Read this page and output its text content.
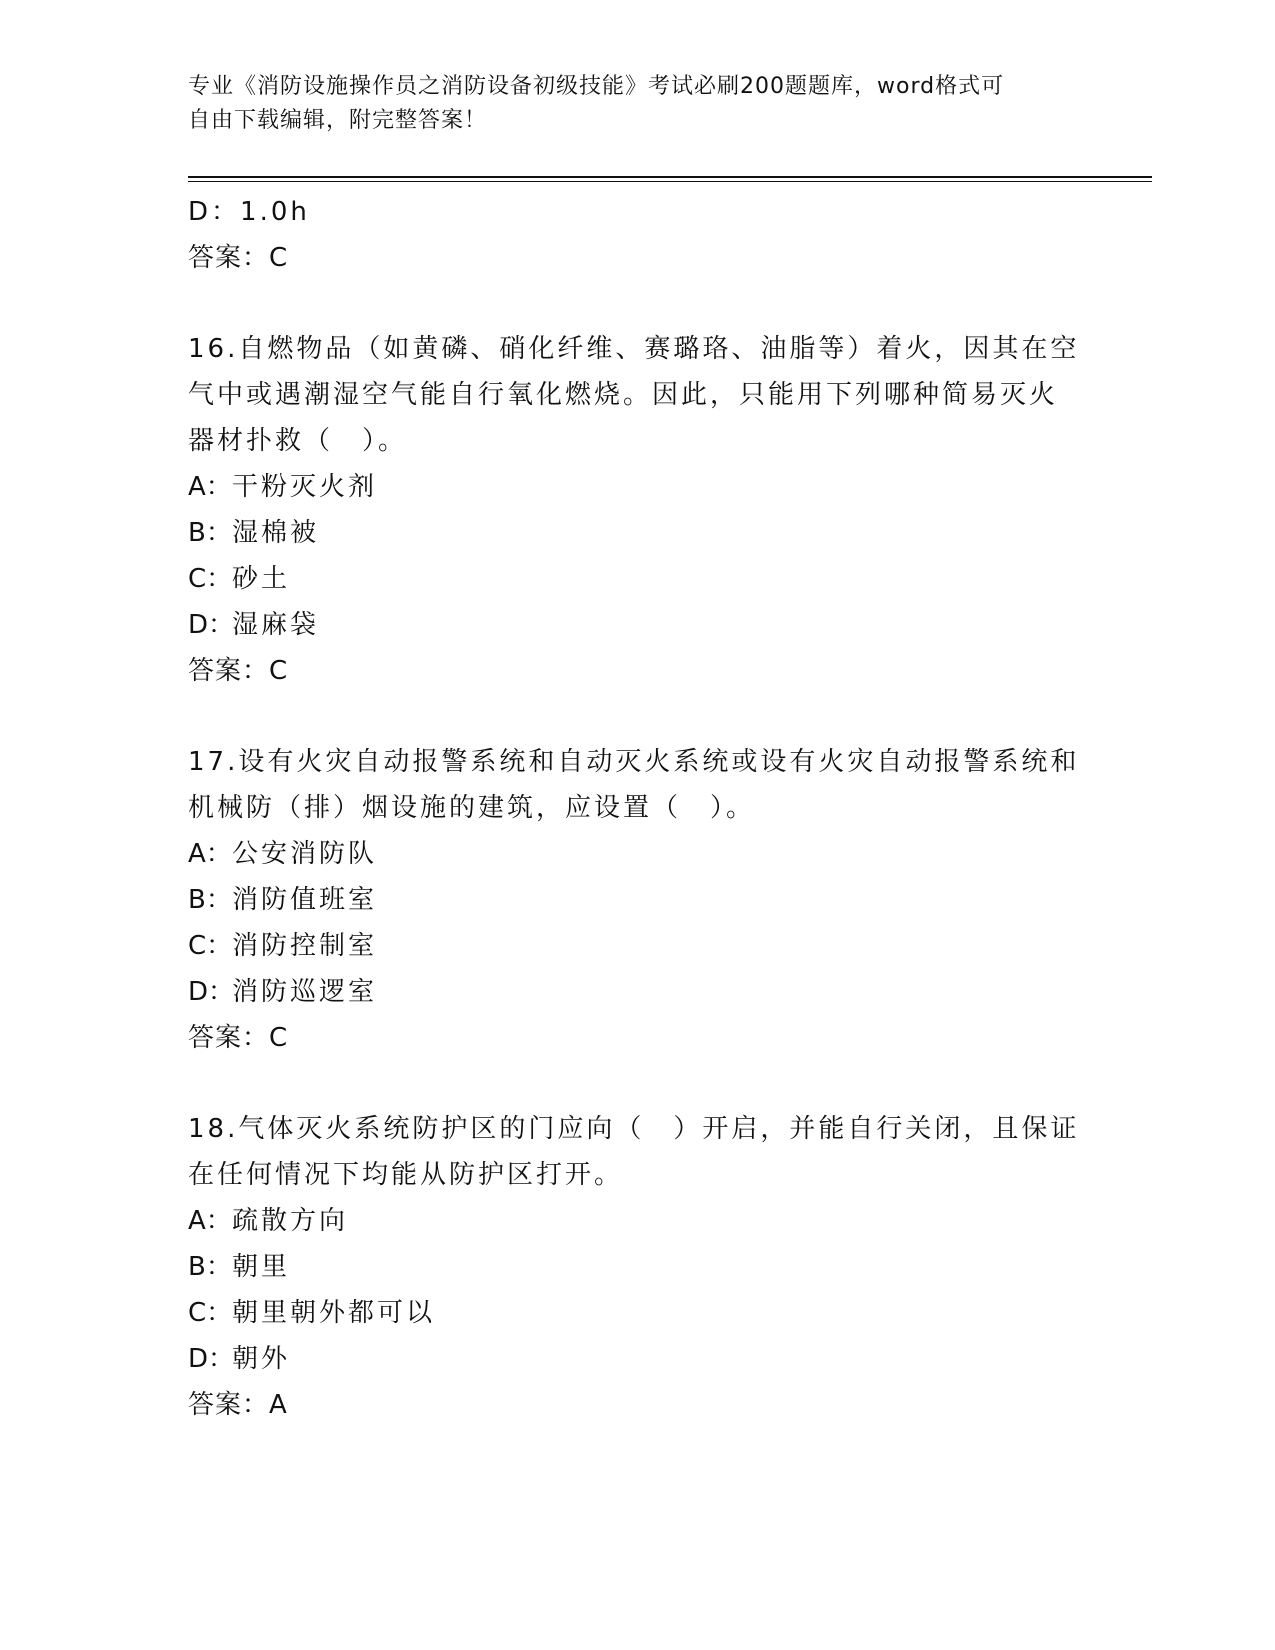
专业《消防设施操作员之消防设备初级技能》考试必刷200题题库，word格式可
自由下载编辑，附完整答案！
D：1.0h
答案：C
16.自燃物品（如黄磷、硝化纤维、赛璐珞、油脂等）着火，因其在空
气中或遇潮湿空气能自行氧化燃烧。因此，只能用下列哪种简易灭火
器材扑救（　）。
A：干粉灭火剂
B：湿棉被
C：砂土
D：湿麻袋
答案：C
17.设有火灾自动报警系统和自动灭火系统或设有火灾自动报警系统和
机械防（排）烟设施的建筑，应设置（　）。
A：公安消防队
B：消防值班室
C：消防控制室
D：消防巡逻室
答案：C
18.气体灭火系统防护区的门应向（　）开启，并能自行关闭，且保证
在任何情况下均能从防护区打开。
A：疏散方向
B：朝里
C：朝里朝外都可以
D：朝外
答案：A
